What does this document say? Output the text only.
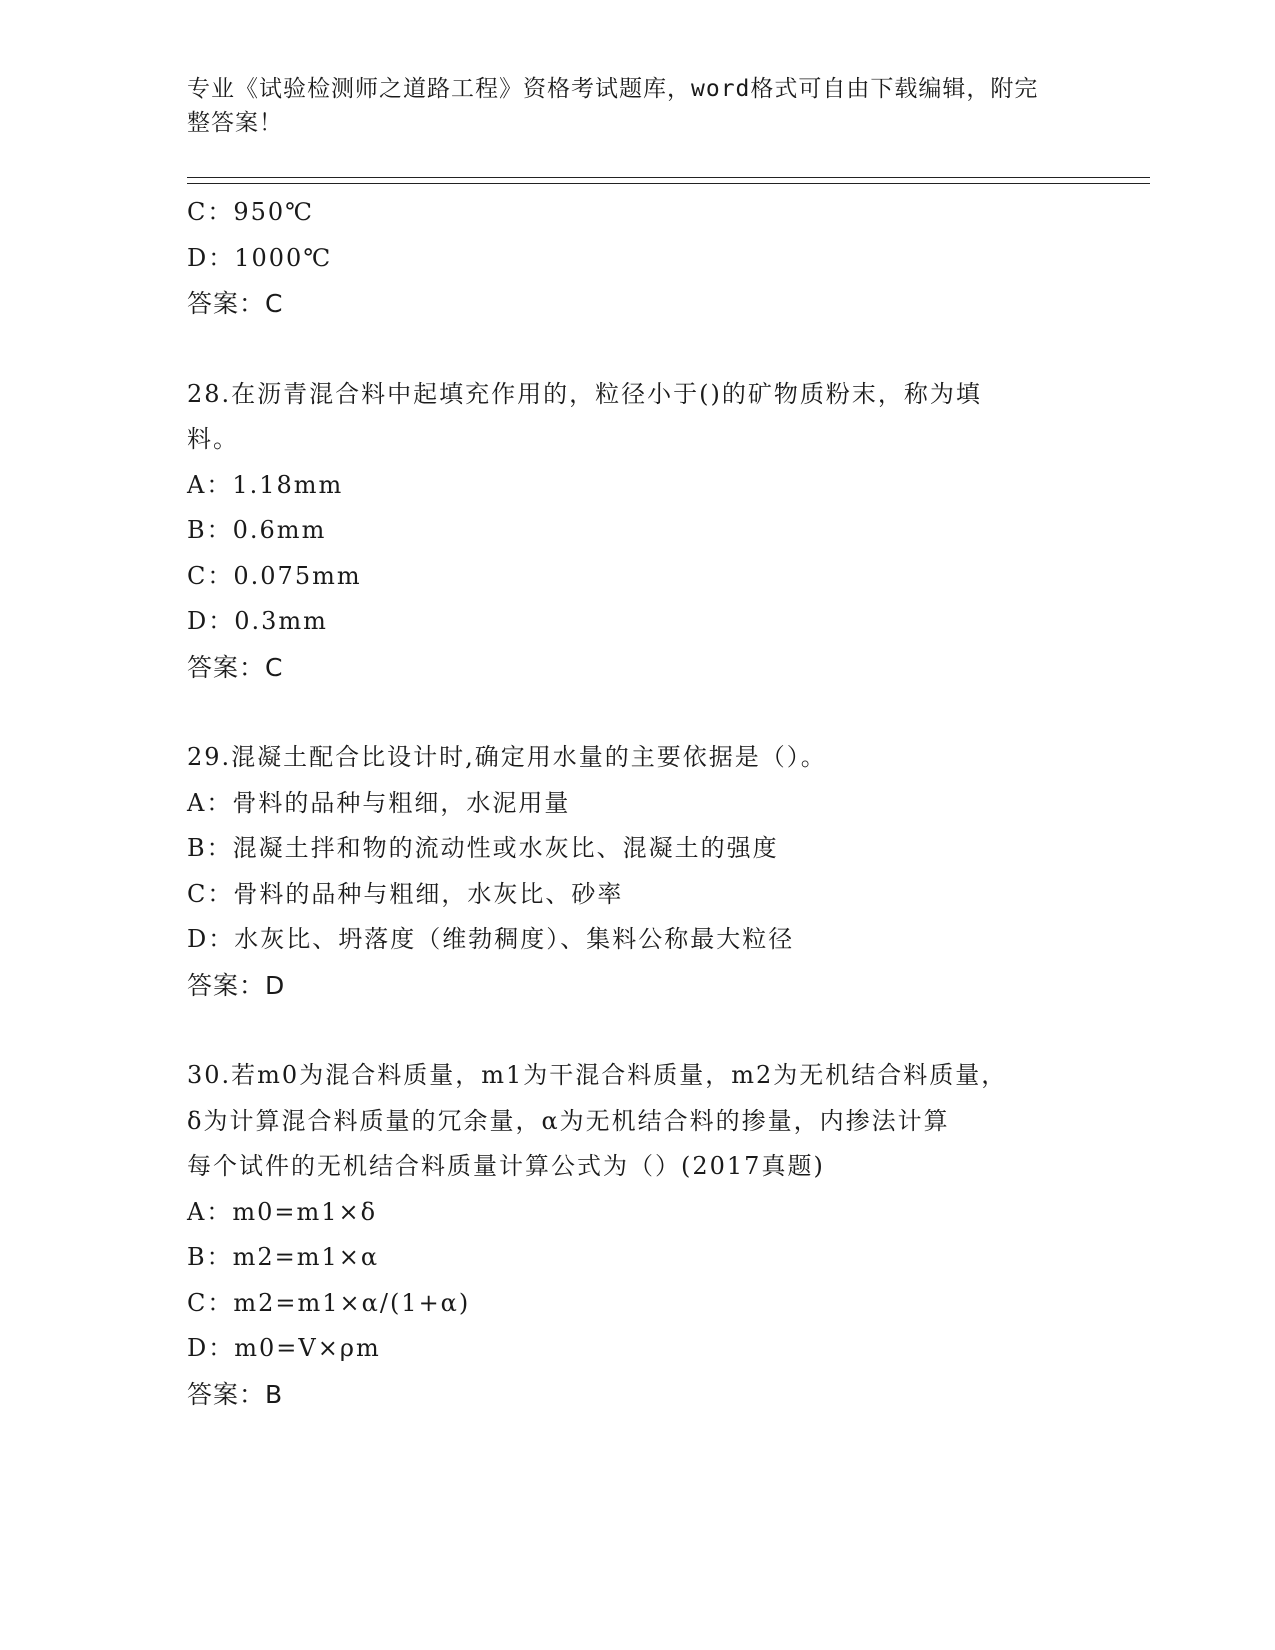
专业《试验检测师之道路工程》资格考试题库，word格式可自由下载编辑，附完
整答案！
C：950℃
D：1000℃
答案：C
28.在沥青混合料中起填充作用的，粒径小于()的矿物质粉末，称为填
料。
A：1.18mm
B：0.6mm
C：0.075mm
D：0.3mm
答案：C
29.混凝土配合比设计时,确定用水量的主要依据是（）。
A：骨料的品种与粗细，水泥用量
B：混凝土拌和物的流动性或水灰比、混凝土的强度
C：骨料的品种与粗细，水灰比、砂率
D：水灰比、坍落度（维勃稠度）、集料公称最大粒径
答案：D
30.若m0为混合料质量，m1为干混合料质量，m2为无机结合料质量，
δ为计算混合料质量的冗余量，α为无机结合料的掺量，内掺法计算
每个试件的无机结合料质量计算公式为（）(2017真题)
A：m0=m1×δ
B：m2=m1×α
C：m2=m1×α/(1+α)
D：m0=V×ρm
答案：B
